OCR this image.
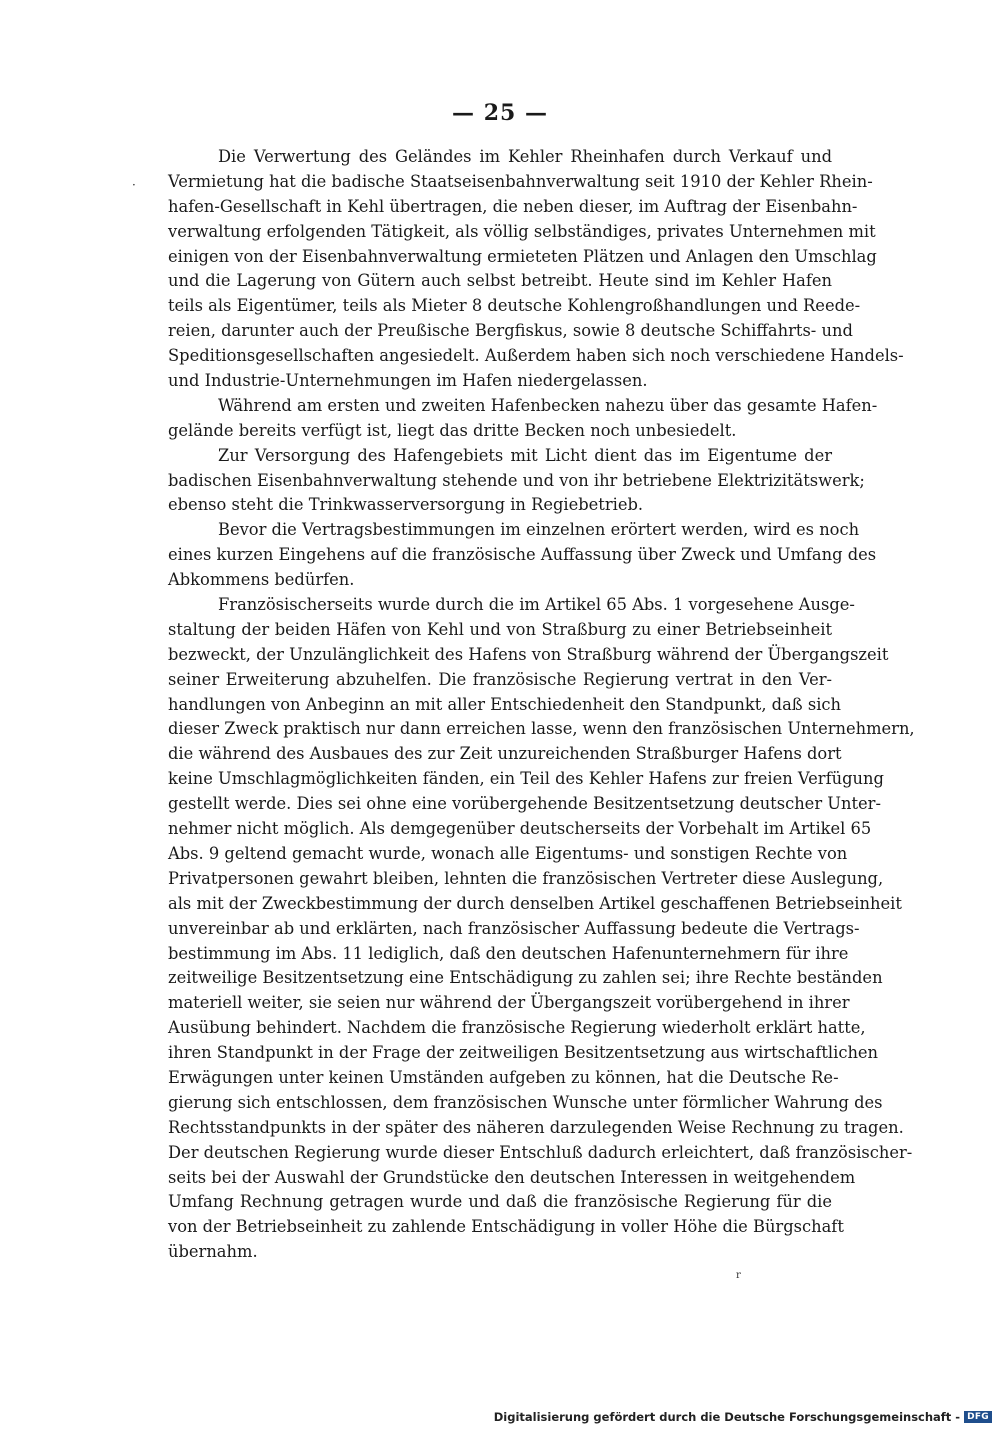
— 25 —
·
Die Verwertung des Geländes im Kehler Rheinhafen durch Verkauf und
Vermietung hat die badische Staatseisenbahnverwaltung seit 1910 der Kehler Rhein-
hafen-Gesellschaft in Kehl übertragen, die neben dieser, im Auftrag der Eisenbahn-
verwaltung erfolgenden Tätigkeit, als völlig selbständiges, privates Unternehmen mit
einigen von der Eisenbahnverwaltung ermieteten Plätzen und Anlagen den Umschlag
und die Lagerung von Gütern auch selbst betreibt. Heute sind im Kehler Hafen
teils als Eigentümer, teils als Mieter 8 deutsche Kohlengroßhandlungen und Reede-
reien, darunter auch der Preußische Bergfiskus, sowie 8 deutsche Schiffahrts- und
Speditionsgesellschaften angesiedelt. Außerdem haben sich noch verschiedene Handels-
und Industrie-Unternehmungen im Hafen niedergelassen.
Während am ersten und zweiten Hafenbecken nahezu über das gesamte Hafen-
gelände bereits verfügt ist, liegt das dritte Becken noch unbesiedelt.
Zur Versorgung des Hafengebiets mit Licht dient das im Eigentume der
badischen Eisenbahnverwaltung stehende und von ihr betriebene Elektrizitätswerk;
ebenso steht die Trinkwasserversorgung in Regiebetrieb.
Bevor die Vertragsbestimmungen im einzelnen erörtert werden, wird es noch
eines kurzen Eingehens auf die französische Auffassung über Zweck und Umfang des
Abkommens bedürfen.
Französischerseits wurde durch die im Artikel 65 Abs. 1 vorgesehene Ausge-
staltung der beiden Häfen von Kehl und von Straßburg zu einer Betriebseinheit
bezweckt, der Unzulänglichkeit des Hafens von Straßburg während der Übergangszeit
seiner Erweiterung abzuhelfen. Die französische Regierung vertrat in den Ver-
handlungen von Anbeginn an mit aller Entschiedenheit den Standpunkt, daß sich
dieser Zweck praktisch nur dann erreichen lasse, wenn den französischen Unternehmern,
die während des Ausbaues des zur Zeit unzureichenden Straßburger Hafens dort
keine Umschlagmöglichkeiten fänden, ein Teil des Kehler Hafens zur freien Verfügung
gestellt werde. Dies sei ohne eine vorübergehende Besitzentsetzung deutscher Unter-
nehmer nicht möglich. Als demgegenüber deutscherseits der Vorbehalt im Artikel 65
Abs. 9 geltend gemacht wurde, wonach alle Eigentums- und sonstigen Rechte von
Privatpersonen gewahrt bleiben, lehnten die französischen Vertreter diese Auslegung,
als mit der Zweckbestimmung der durch denselben Artikel geschaffenen Betriebseinheit
unvereinbar ab und erklärten, nach französischer Auffassung bedeute die Vertrags-
bestimmung im Abs. 11 lediglich, daß den deutschen Hafenunternehmern für ihre
zeitweilige Besitzentsetzung eine Entschädigung zu zahlen sei; ihre Rechte beständen
materiell weiter, sie seien nur während der Übergangszeit vorübergehend in ihrer
Ausübung behindert. Nachdem die französische Regierung wiederholt erklärt hatte,
ihren Standpunkt in der Frage der zeitweiligen Besitzentsetzung aus wirtschaftlichen
Erwägungen unter keinen Umständen aufgeben zu können, hat die Deutsche Re-
gierung sich entschlossen, dem französischen Wunsche unter förmlicher Wahrung des
Rechtsstandpunkts in der später des näheren darzulegenden Weise Rechnung zu tragen.
Der deutschen Regierung wurde dieser Entschluß dadurch erleichtert, daß französischer-
seits bei der Auswahl der Grundstücke den deutschen Interessen in weitgehendem
Umfang Rechnung getragen wurde und daß die französische Regierung für die
von der Betriebseinheit zu zahlende Entschädigung in voller Höhe die Bürgschaft
übernahm.
r
Digitalisierung gefördert durch die Deutsche Forschungsgemeinschaft - DFG
